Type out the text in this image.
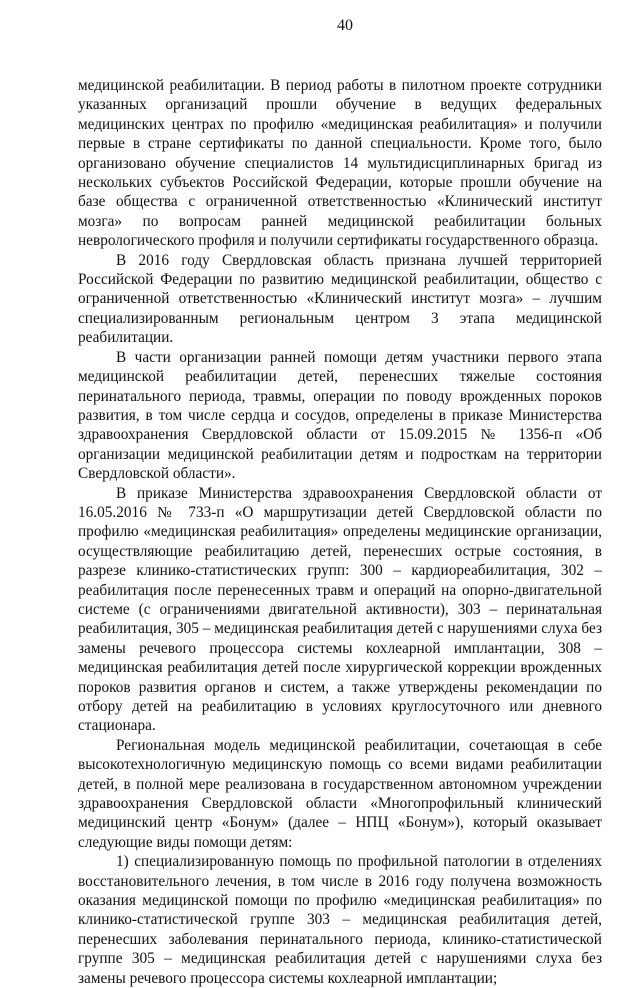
40

медицинской реабилитации. В период работы в пилотном проекте сотрудники указанных организаций прошли обучение в ведущих федеральных медицинских центрах по профилю «медицинская реабилитация» и получили первые в стране сертификаты по данной специальности. Кроме того, было организовано обучение специалистов 14 мультидисциплинарных бригад из нескольких субъектов Российской Федерации, которые прошли обучение на базе общества с ограниченной ответственностью «Клинический институт мозга» по вопросам ранней медицинской реабилитации больных неврологического профиля и получили сертификаты государственного образца.

В 2016 году Свердловская область признана лучшей территорией Российской Федерации по развитию медицинской реабилитации, общество с ограниченной ответственностью «Клинический институт мозга» – лучшим специализированным региональным центром 3 этапа медицинской реабилитации.

В части организации ранней помощи детям участники первого этапа медицинской реабилитации детей, перенесших тяжелые состояния перинатального периода, травмы, операции по поводу врожденных пороков развития, в том числе сердца и сосудов, определены в приказе Министерства здравоохранения Свердловской области от 15.09.2015 № 1356-п «Об организации медицинской реабилитации детям и подросткам на территории Свердловской области».

В приказе Министерства здравоохранения Свердловской области от 16.05.2016 № 733-п «О маршрутизации детей Свердловской области по профилю «медицинская реабилитация» определены медицинские организации, осуществляющие реабилитацию детей, перенесших острые состояния, в разрезе клинико-статистических групп: 300 – кардиореабилитация, 302 – реабилитация после перенесенных травм и операций на опорно-двигательной системе (с ограничениями двигательной активности), 303 – перинатальная реабилитация, 305 – медицинская реабилитация детей с нарушениями слуха без замены речевого процессора системы кохлеарной имплантации, 308 – медицинская реабилитация детей после хирургической коррекции врожденных пороков развития органов и систем, а также утверждены рекомендации по отбору детей на реабилитацию в условиях круглосуточного или дневного стационара.

Региональная модель медицинской реабилитации, сочетающая в себе высокотехнологичную медицинскую помощь со всеми видами реабилитации детей, в полной мере реализована в государственном автономном учреждении здравоохранения Свердловской области «Многопрофильный клинический медицинский центр «Бонум» (далее – НПЦ «Бонум»), который оказывает следующие виды помощи детям:

1) специализированную помощь по профильной патологии в отделениях восстановительного лечения, в том числе в 2016 году получена возможность оказания медицинской помощи по профилю «медицинская реабилитация» по клинико-статистической группе 303 – медицинская реабилитация детей, перенесших заболевания перинатального периода, клинико-статистической группе 305 – медицинская реабилитация детей с нарушениями слуха без замены речевого процессора системы кохлеарной имплантации;
